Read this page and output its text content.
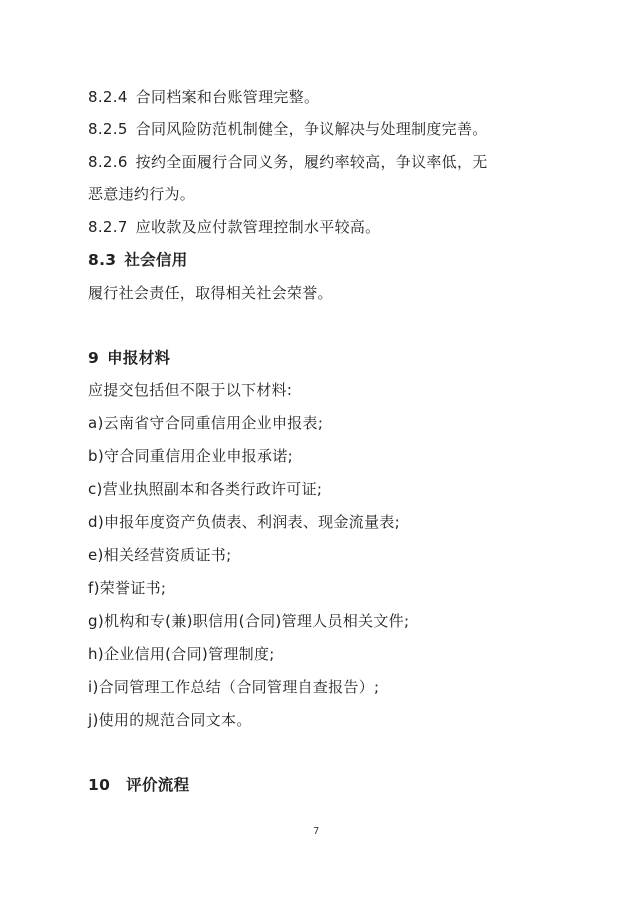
8.2.4 合同档案和台账管理完整。
8.2.5 合同风险防范机制健全，争议解决与处理制度完善。
8.2.6 按约全面履行合同义务，履约率较高，争议率低，无
恶意违约行为。
8.2.7 应收款及应付款管理控制水平较高。
8.3 社会信用
履行社会责任，取得相关社会荣誉。
9 申报材料
应提交包括但不限于以下材料:
a)云南省守合同重信用企业申报表;
b)守合同重信用企业申报承诺;
c)营业执照副本和各类行政许可证;
d)申报年度资产负债表、利润表、现金流量表;
e)相关经营资质证书;
f)荣誉证书;
g)机构和专(兼)职信用(合同)管理人员相关文件;
h)企业信用(合同)管理制度;
i)合同管理工作总结（合同管理自查报告）;
j)使用的规范合同文本。
10 评价流程
7
